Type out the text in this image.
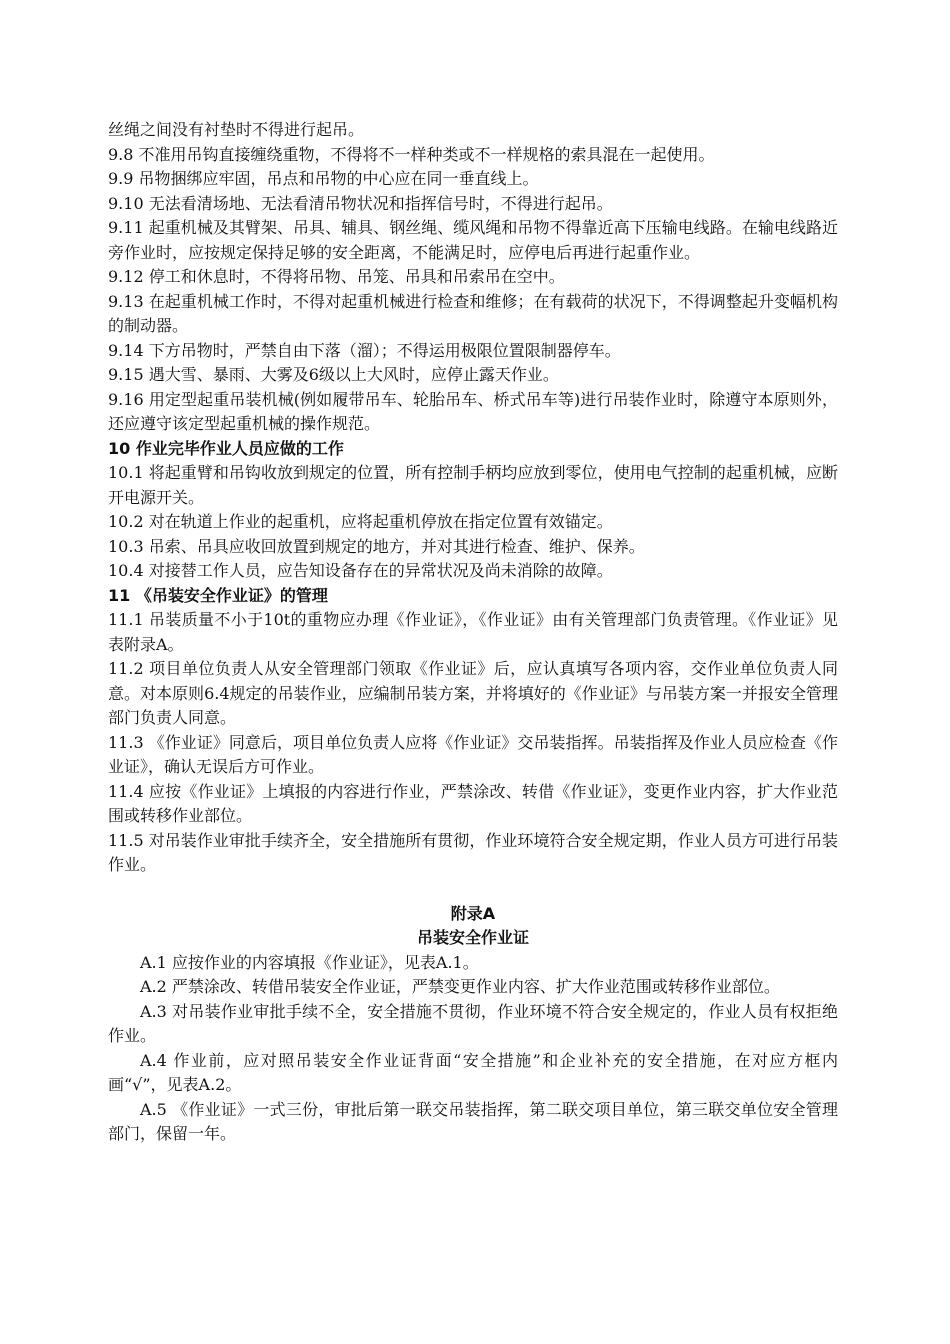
丝绳之间没有衬垫时不得进行起吊。

9.8 不准用吊钩直接缠绕重物，不得将不一样种类或不一样规格的索具混在一起使用。

9.9 吊物捆绑应牢固，吊点和吊物的中心应在同一垂直线上。

9.10 无法看清场地、无法看清吊物状况和指挥信号时，不得进行起吊。

9.11 起重机械及其臂架、吊具、辅具、钢丝绳、缆风绳和吊物不得靠近高下压输电线路。在输电线路近旁作业时，应按规定保持足够的安全距离，不能满足时，应停电后再进行起重作业。

9.12 停工和休息时，不得将吊物、吊笼、吊具和吊索吊在空中。

9.13 在起重机械工作时，不得对起重机械进行检查和维修；在有载荷的状况下，不得调整起升变幅机构的制动器。

9.14 下方吊物时，严禁自由下落（溜）；不得运用极限位置限制器停车。

9.15 遇大雪、暴雨、大雾及6级以上大风时，应停止露天作业。

9.16 用定型起重吊装机械(例如履带吊车、轮胎吊车、桥式吊车等)进行吊装作业时，除遵守本原则外，还应遵守该定型起重机械的操作规范。

10 作业完毕作业人员应做的工作

10.1 将起重臂和吊钩收放到规定的位置，所有控制手柄均应放到零位，使用电气控制的起重机械，应断开电源开关。

10.2 对在轨道上作业的起重机，应将起重机停放在指定位置有效锚定。

10.3 吊索、吊具应收回放置到规定的地方，并对其进行检查、维护、保养。

10.4 对接替工作人员，应告知设备存在的异常状况及尚未消除的故障。

11 《吊装安全作业证》的管理

11.1 吊装质量不小于10t的重物应办理《作业证》，《作业证》由有关管理部门负责管理。《作业证》见表附录A。

11.2 项目单位负责人从安全管理部门领取《作业证》后，应认真填写各项内容，交作业单位负责人同意。对本原则6.4规定的吊装作业，应编制吊装方案，并将填好的《作业证》与吊装方案一并报安全管理部门负责人同意。

11.3 《作业证》同意后，项目单位负责人应将《作业证》交吊装指挥。吊装指挥及作业人员应检查《作业证》，确认无误后方可作业。

11.4 应按《作业证》上填报的内容进行作业，严禁涂改、转借《作业证》，变更作业内容，扩大作业范围或转移作业部位。

11.5 对吊装作业审批手续齐全，安全措施所有贯彻，作业环境符合安全规定期，作业人员方可进行吊装作业。

附录A

吊装安全作业证

A.1 应按作业的内容填报《作业证》，见表A.1。

A.2 严禁涂改、转借吊装安全作业证，严禁变更作业内容、扩大作业范围或转移作业部位。

A.3 对吊装作业审批手续不全，安全措施不贯彻，作业环境不符合安全规定的，作业人员有权拒绝作业。

A.4 作业前，应对照吊装安全作业证背面“安全措施”和企业补充的安全措施，在对应方框内画“√”，见表A.2。

A.5 《作业证》一式三份，审批后第一联交吊装指挥，第二联交项目单位，第三联交单位安全管理部门，保留一年。
